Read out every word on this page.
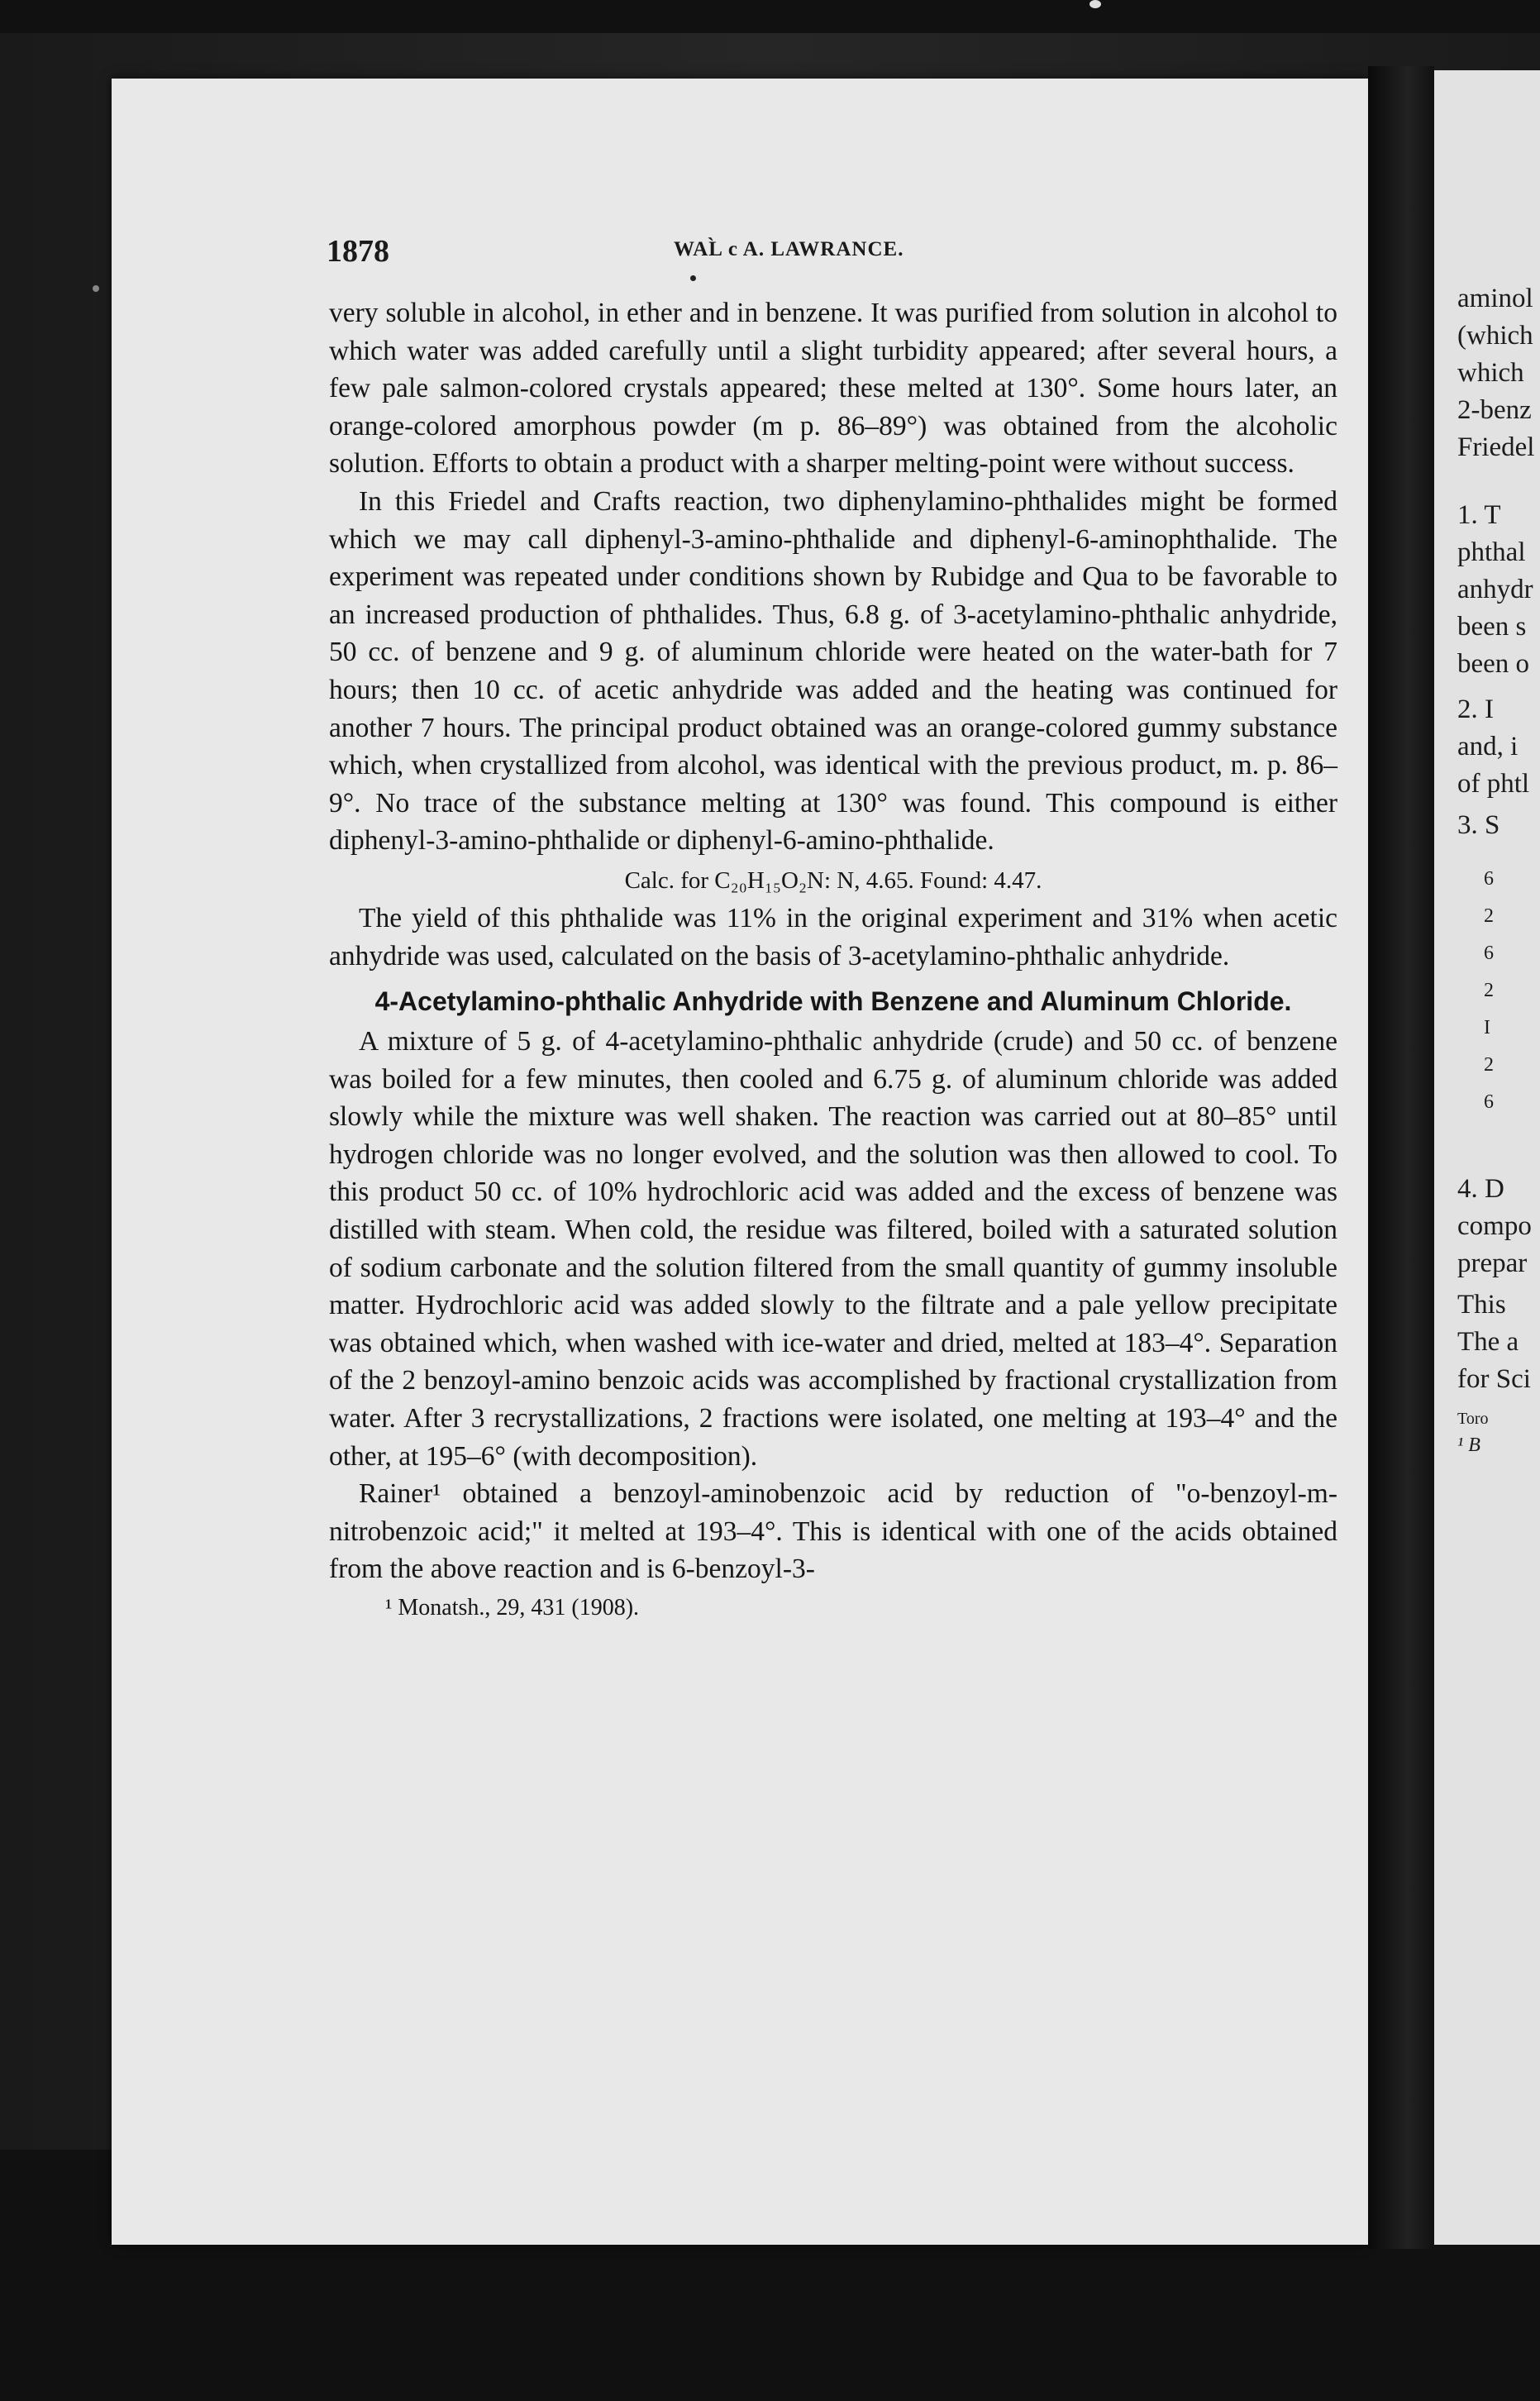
aminol
(which
which
2-benz
Friedel
1. T
phthal
anhydr
been s
been o
2. I
and, i
of phtl
3. S
6
2
6
2
I
2
6
4. D
compo
prepar
This
The a
for Sci
Toro
¹ B
1878	WAL̀ c A. LAWRANCE.

very soluble in alcohol, in ether and in benzene. It was purified from solution in alcohol to which water was added carefully until a slight turbidity appeared; after several hours, a few pale salmon-colored crystals appeared; these melted at 130°. Some hours later, an orange-colored amorphous powder (m p. 86–89°) was obtained from the alcoholic solution. Efforts to obtain a product with a sharper melting-point were without success.

In this Friedel and Crafts reaction, two diphenylamino-phthalides might be formed which we may call diphenyl-3-amino-phthalide and diphenyl-6-aminophthalide. The experiment was repeated under conditions shown by Rubidge and Qua to be favorable to an increased production of phthalides. Thus, 6.8 g. of 3-acetylamino-phthalic anhydride, 50 cc. of benzene and 9 g. of aluminum chloride were heated on the water-bath for 7 hours; then 10 cc. of acetic anhydride was added and the heating was continued for another 7 hours. The principal product obtained was an orange-colored gummy substance which, when crystallized from alcohol, was identical with the previous product, m. p. 86–9°. No trace of the substance melting at 130° was found. This compound is either diphenyl-3-amino-phthalide or diphenyl-6-amino-phthalide.

Calc. for C₂₀H₁₅O₂N: N, 4.65. Found: 4.47.

The yield of this phthalide was 11% in the original experiment and 31% when acetic anhydride was used, calculated on the basis of 3-acetylamino-phthalic anhydride.

4-Acetylamino-phthalic Anhydride with Benzene and Aluminum Chloride.

A mixture of 5 g. of 4-acetylamino-phthalic anhydride (crude) and 50 cc. of benzene was boiled for a few minutes, then cooled and 6.75 g. of aluminum chloride was added slowly while the mixture was well shaken. The reaction was carried out at 80–85° until hydrogen chloride was no longer evolved, and the solution was then allowed to cool. To this product 50 cc. of 10% hydrochloric acid was added and the excess of benzene was distilled with steam. When cold, the residue was filtered, boiled with a saturated solution of sodium carbonate and the solution filtered from the small quantity of gummy insoluble matter. Hydrochloric acid was added slowly to the filtrate and a pale yellow precipitate was obtained which, when washed with ice-water and dried, melted at 183–4°. Separation of the 2 benzoyl-amino benzoic acids was accomplished by fractional crystallization from water. After 3 recrystallizations, 2 fractions were isolated, one melting at 193–4° and the other, at 195–6° (with decomposition).

Rainer¹ obtained a benzoyl-aminobenzoic acid by reduction of "o-benzoyl-m-nitrobenzoic acid;" it melted at 193–4°. This is identical with one of the acids obtained from the above reaction and is 6-benzoyl-3-

¹ Monatsh., 29, 431 (1908).
